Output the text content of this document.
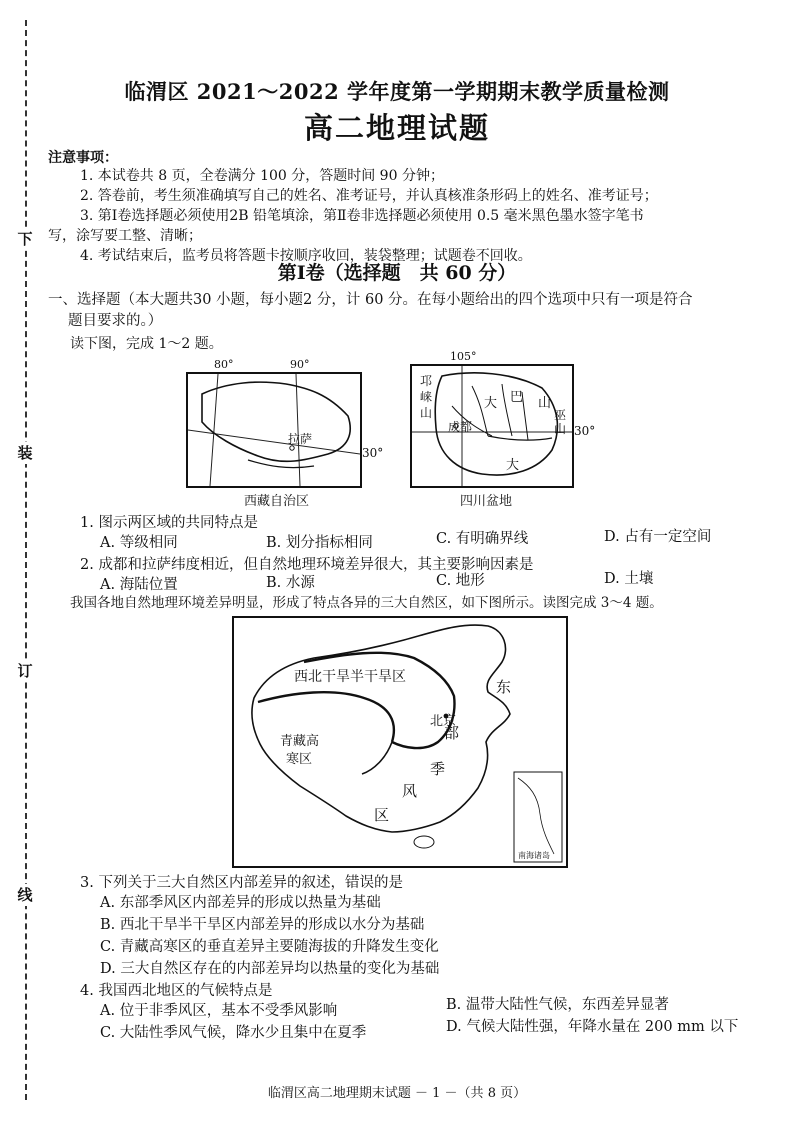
下
装
订
线
临渭区 2021～2022 学年度第一学期期末教学质量检测
高二地理试题
注意事项：
1. 本试卷共 8 页，全卷满分 100 分，答题时间 90 分钟；
2. 答卷前，考生须准确填写自己的姓名、准考证号，并认真核准条形码上的姓名、准考证号；
3. 第Ⅰ卷选择题必须使用2B 铅笔填涂，第Ⅱ卷非选择题必须使用 0.5 毫米黑色墨水签字笔书
写，涂写要工整、清晰；
4. 考试结束后，监考员将答题卡按顺序收回，装袋整理；试题卷不回收。
第Ⅰ卷（选择题　共 60 分）
一、选择题（本大题共30 小题，每小题2 分，计 60 分。在每小题给出的四个选项中只有一项是符合
题目要求的。）
读下图，完成 1～2 题。
80°	90°
拉萨
30°
西藏自治区
105°
邛
崃
山
大 巴 山
巫
山
成都
大
30°
四川盆地
1. 图示两区域的共同特点是
A. 等级相同	B. 划分指标相同	C. 有明确界线	D. 占有一定空间
2. 成都和拉萨纬度相近，但自然地理环境差异很大，其主要影响因素是
A. 海陆位置	B. 水源	C. 地形	D. 土壤
我国各地自然地理环境差异明显，形成了特点各异的三大自然区，如下图所示。读图完成 3～4 题。
西北干旱半干旱区
青藏高
寒区
北京
东
部
季
风
区
南海诸岛
3. 下列关于三大自然区内部差异的叙述，错误的是
A. 东部季风区内部差异的形成以热量为基础
B. 西北干旱半干旱区内部差异的形成以水分为基础
C. 青藏高寒区的垂直差异主要随海拔的升降发生变化
D. 三大自然区存在的内部差异均以热量的变化为基础
4. 我国西北地区的气候特点是
A. 位于非季风区，基本不受季风影响	B. 温带大陆性气候，东西差异显著
C. 大陆性季风气候，降水少且集中在夏季	D. 气候大陆性强，年降水量在 200 mm 以下
临渭区高二地理期末试题 － 1 －（共 8 页）
